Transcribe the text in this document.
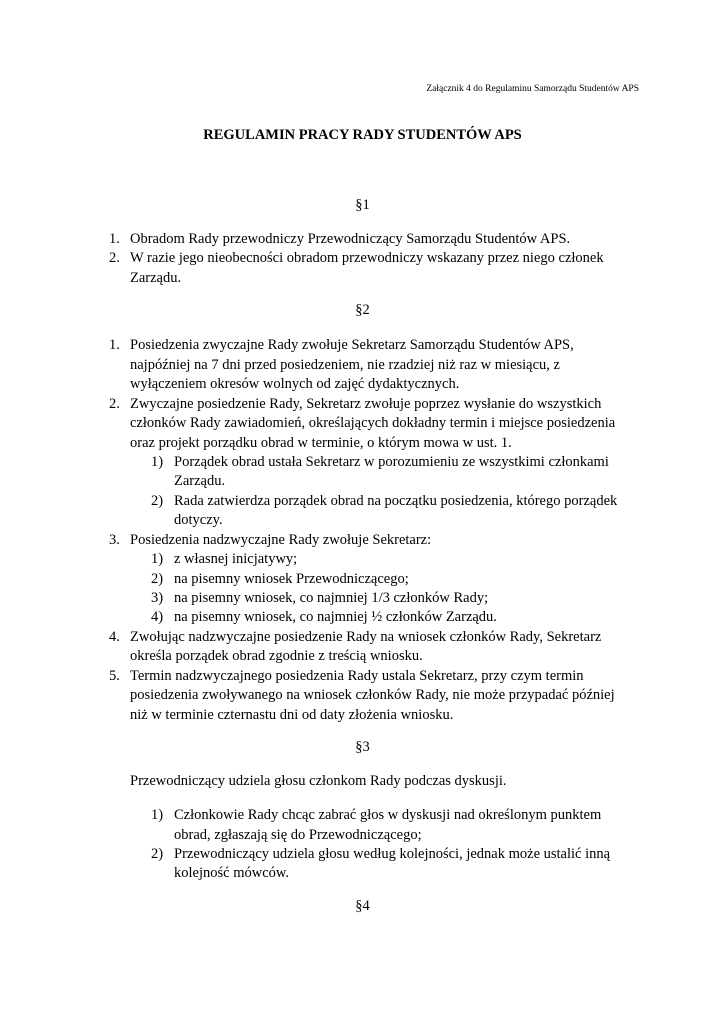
Załącznik 4 do Regulaminu Samorządu Studentów APS
REGULAMIN PRACY RADY STUDENTÓW APS
§1
1. Obradom Rady przewodniczy Przewodniczący Samorządu Studentów APS.
2. W razie jego nieobecności obradom przewodniczy wskazany przez niego członek
Zarządu.
§2
1. Posiedzenia zwyczajne Rady zwołuje Sekretarz Samorządu Studentów APS,
najpóźniej na 7 dni przed posiedzeniem, nie rzadziej niż raz w miesiącu, z
wyłączeniem okresów wolnych od zajęć dydaktycznych.
2. Zwyczajne posiedzenie Rady, Sekretarz zwołuje poprzez wysłanie do wszystkich
członków Rady zawiadomień, określających dokładny termin i miejsce posiedzenia
oraz projekt porządku obrad w terminie, o którym mowa w ust. 1.
1) Porządek obrad ustała Sekretarz w porozumieniu ze wszystkimi członkami
Zarządu.
2) Rada zatwierdza porządek obrad na początku posiedzenia, którego porządek
dotyczy.
3. Posiedzenia nadzwyczajne Rady zwołuje Sekretarz:
1) z własnej inicjatywy;
2) na pisemny wniosek Przewodniczącego;
3) na pisemny wniosek, co najmniej 1/3 członków Rady;
4) na pisemny wniosek, co najmniej ½ członków Zarządu.
4. Zwołując nadzwyczajne posiedzenie Rady na wniosek członków Rady, Sekretarz
określa porządek obrad zgodnie z treścią wniosku.
5. Termin nadzwyczajnego posiedzenia Rady ustala Sekretarz, przy czym termin
posiedzenia zwoływanego na wniosek członków Rady, nie może przypadać później
niż w terminie czternastu dni od daty złożenia wniosku.
§3
Przewodniczący udziela głosu członkom Rady podczas dyskusji.
1) Członkowie Rady chcąc zabrać głos w dyskusji nad określonym punktem
obrad, zgłaszają się do Przewodniczącego;
2) Przewodniczący udziela głosu według kolejności, jednak może ustalić inną
kolejność mówców.
§4
